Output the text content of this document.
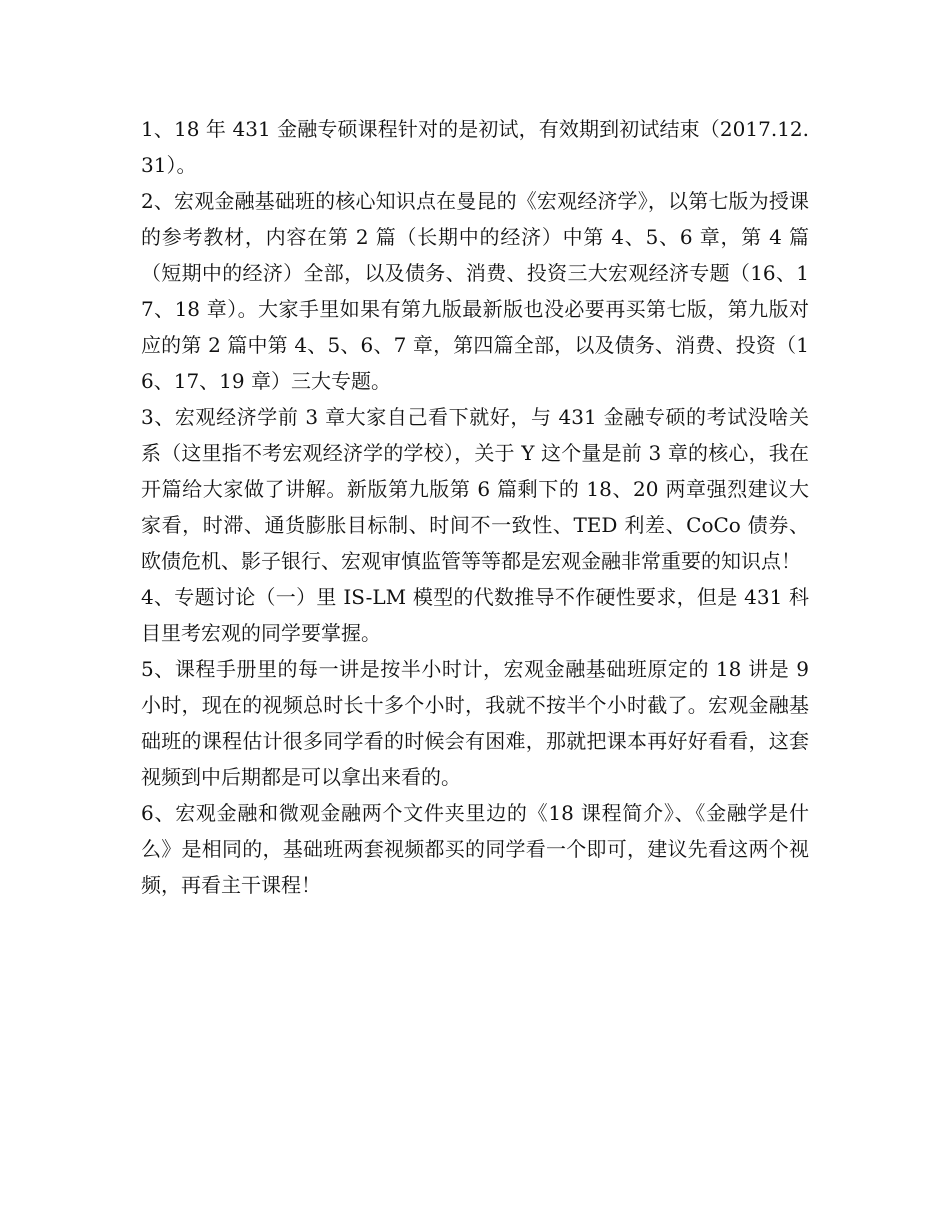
1、18 年 431 金融专硕课程针对的是初试，有效期到初试结束（2017.12.31）。

2、宏观金融基础班的核心知识点在曼昆的《宏观经济学》，以第七版为授课的参考教材，内容在第 2 篇（长期中的经济）中第 4、5、6 章，第 4 篇（短期中的经济）全部，以及债务、消费、投资三大宏观经济专题（16、17、18 章）。大家手里如果有第九版最新版也没必要再买第七版，第九版对应的第 2 篇中第 4、5、6、7 章，第四篇全部，以及债务、消费、投资（16、17、19 章）三大专题。

3、宏观经济学前 3 章大家自己看下就好，与 431 金融专硕的考试没啥关系（这里指不考宏观经济学的学校），关于 Y 这个量是前 3 章的核心，我在开篇给大家做了讲解。新版第九版第 6 篇剩下的 18、20 两章强烈建议大家看，时滞、通货膨胀目标制、时间不一致性、TED 利差、CoCo 债券、欧债危机、影子银行、宏观审慎监管等等都是宏观金融非常重要的知识点！

4、专题讨论（一）里 IS-LM 模型的代数推导不作硬性要求，但是 431 科目里考宏观的同学要掌握。

5、课程手册里的每一讲是按半小时计，宏观金融基础班原定的 18 讲是 9 小时，现在的视频总时长十多个小时，我就不按半个小时截了。宏观金融基础班的课程估计很多同学看的时候会有困难，那就把课本再好好看看，这套视频到中后期都是可以拿出来看的。

6、宏观金融和微观金融两个文件夹里边的《18 课程简介》、《金融学是什么》是相同的，基础班两套视频都买的同学看一个即可，建议先看这两个视频，再看主干课程！
